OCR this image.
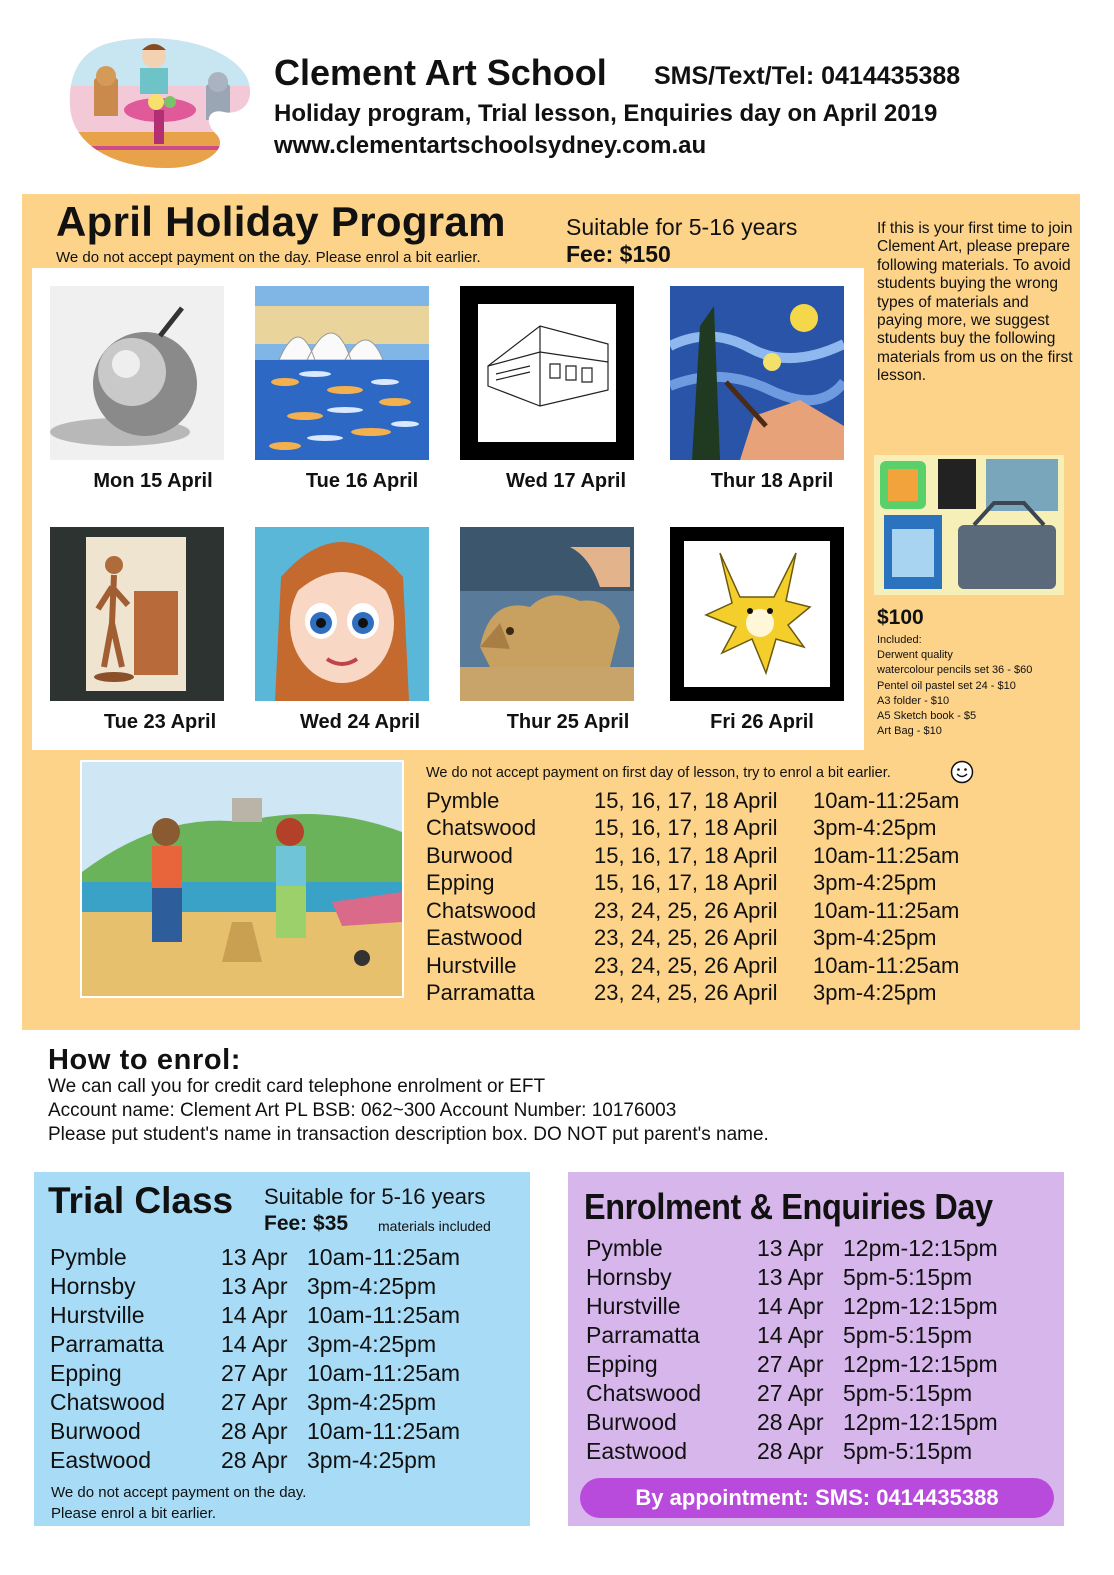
Clement Art School SMS/Text/Tel: 0414435388
Holiday program, Trial lesson, Enquiries day on April 2019
www.clementartschoolsydney.com.au
April Holiday Program
We do not accept payment on the day. Please enrol a bit earlier.
Suitable for 5-16 years
Fee: $150
If this is your first time to join Clement Art, please prepare following materials. To avoid students buying the wrong types of materials and paying more, we suggest students buy the following materials from us on the first lesson.
Mon 15 April	Tue 16 April	Wed 17 April	Thur 18 April
Tue 23 April	Wed 24 April	Thur 25 April	Fri 26 April
$100
Included:
Derwent quality
watercolour pencils set 36 - $60
Pentel oil pastel set 24 - $10
A3 folder - $10
A5 Sketch book - $5
Art Bag - $10
We do not accept payment on first day of lesson, try to enrol a bit earlier.
Pymble	15, 16, 17, 18 April 10am-11:25am
Chatswood	15, 16, 17, 18 April 3pm-4:25pm
Burwood	15, 16, 17, 18 April 10am-11:25am
Epping	15, 16, 17, 18 April 3pm-4:25pm
Chatswood	23, 24, 25, 26 April 10am-11:25am
Eastwood	23, 24, 25, 26 April 3pm-4:25pm
Hurstville	23, 24, 25, 26 April 10am-11:25am
Parramatta	23, 24, 25, 26 April 3pm-4:25pm
How to enrol:
We can call you for credit card telephone enrolment or EFT
Account name: Clement Art PL BSB: 062~300 Account Number: 10176003
Please put student's name in transaction description box. DO NOT put parent's name.
Trial Class Suitable for 5-16 years
Fee: $35 materials included
Pymble	13 Apr 10am-11:25am
Hornsby	13 Apr 3pm-4:25pm
Hurstville	14 Apr 10am-11:25am
Parramatta 14 Apr 3pm-4:25pm
Epping	27 Apr 10am-11:25am
Chatswood 27 Apr 3pm-4:25pm
Burwood	28 Apr 10am-11:25am
Eastwood	28 Apr 3pm-4:25pm
We do not accept payment on the day.
Please enrol a bit earlier.
Enrolment & Enquiries Day
Pymble	13 Apr 12pm-12:15pm
Hornsby	13 Apr 5pm-5:15pm
Hurstville	14 Apr 12pm-12:15pm
Parramatta 14 Apr 5pm-5:15pm
Epping	27 Apr 12pm-12:15pm
Chatswood 27 Apr 5pm-5:15pm
Burwood	28 Apr 12pm-12:15pm
Eastwood	28 Apr 5pm-5:15pm
By appointment: SMS: 0414435388
